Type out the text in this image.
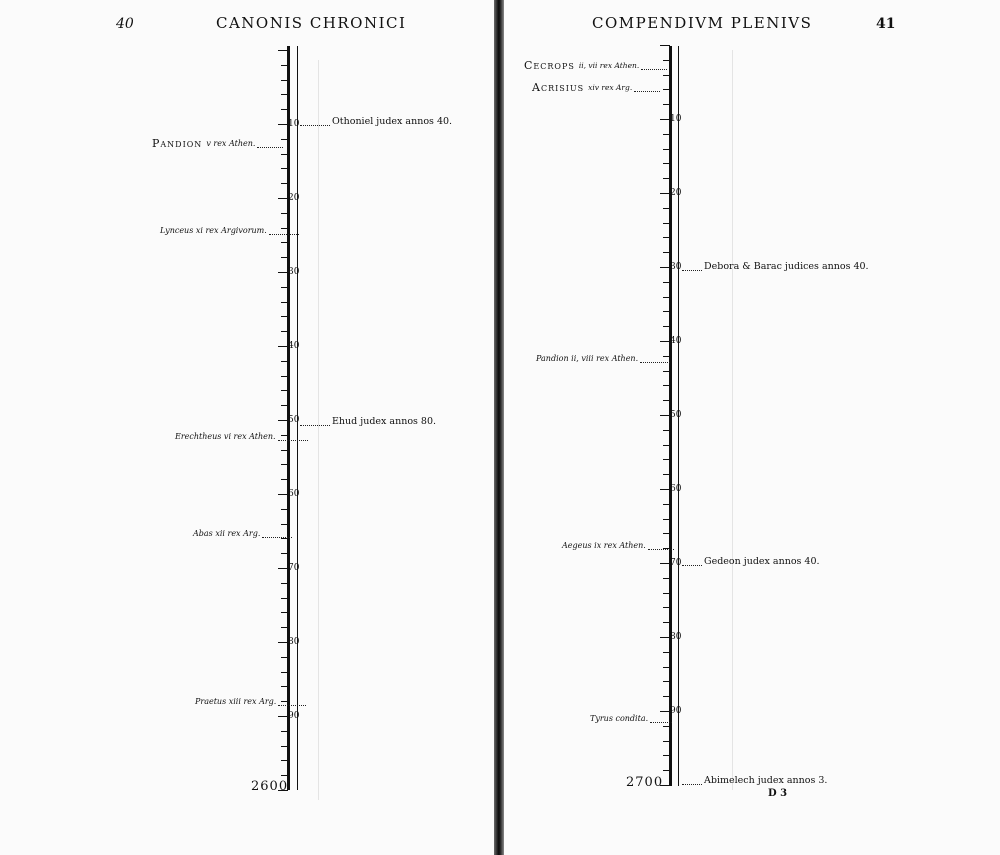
40	CANONIS CHRONICI
10
20
30
40
50
60
70
80
90
Pandion v rex Athen.
Lynceus xi rex Argivorum.
Erechtheus vi rex Athen.
Abas xii rex Arg.
Praetus xiii rex Arg.
Othoniel judex annos 40.
Ehud judex annos 80.
2600
COMPENDIVM PLENIVS	41
10
20
30
40
50
60
70
80
90
Cecrops ii, vii rex Athen.
Acrisius xiv rex Arg.
Pandion ii, viii rex Athen.
Aegeus ix rex Athen.
Tyrus condita.
Debora & Barac judices annos 40.
Gedeon judex annos 40.
Abimelech judex annos 3.
2700
D 3
